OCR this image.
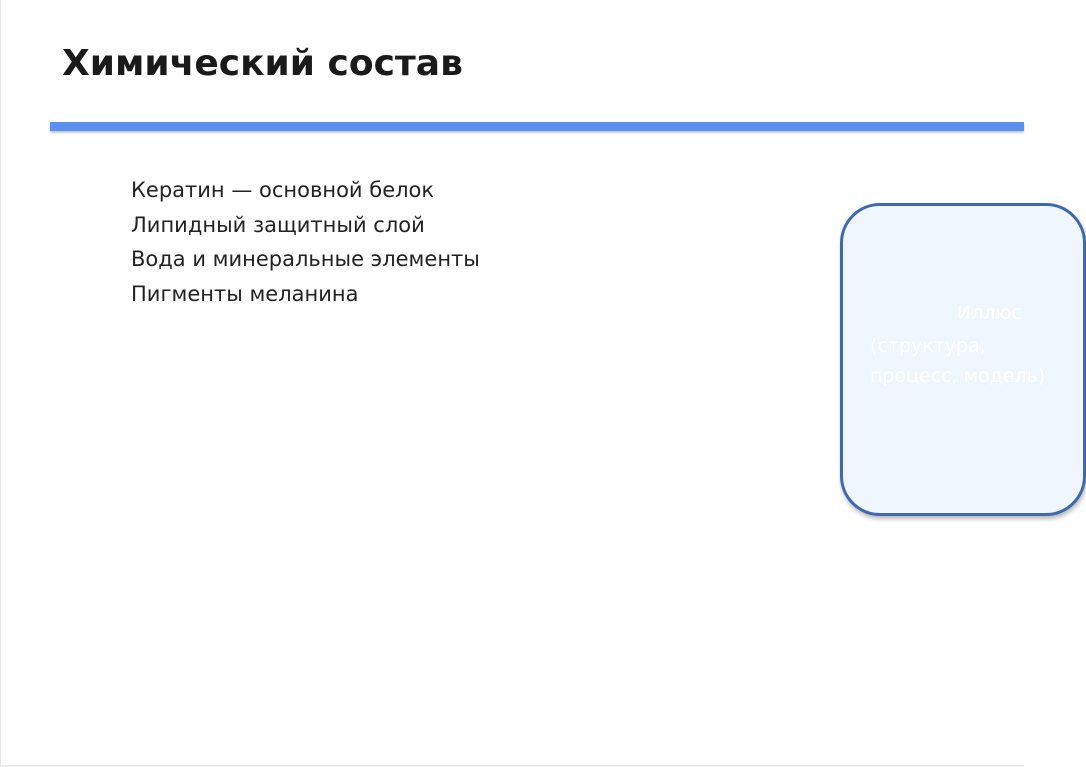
Химический состав
Кератин — основной белок
Липидный защитный слой
Вода и минеральные элементы
Пигменты меланина
Иллюс
(структура, процесс, модель)
